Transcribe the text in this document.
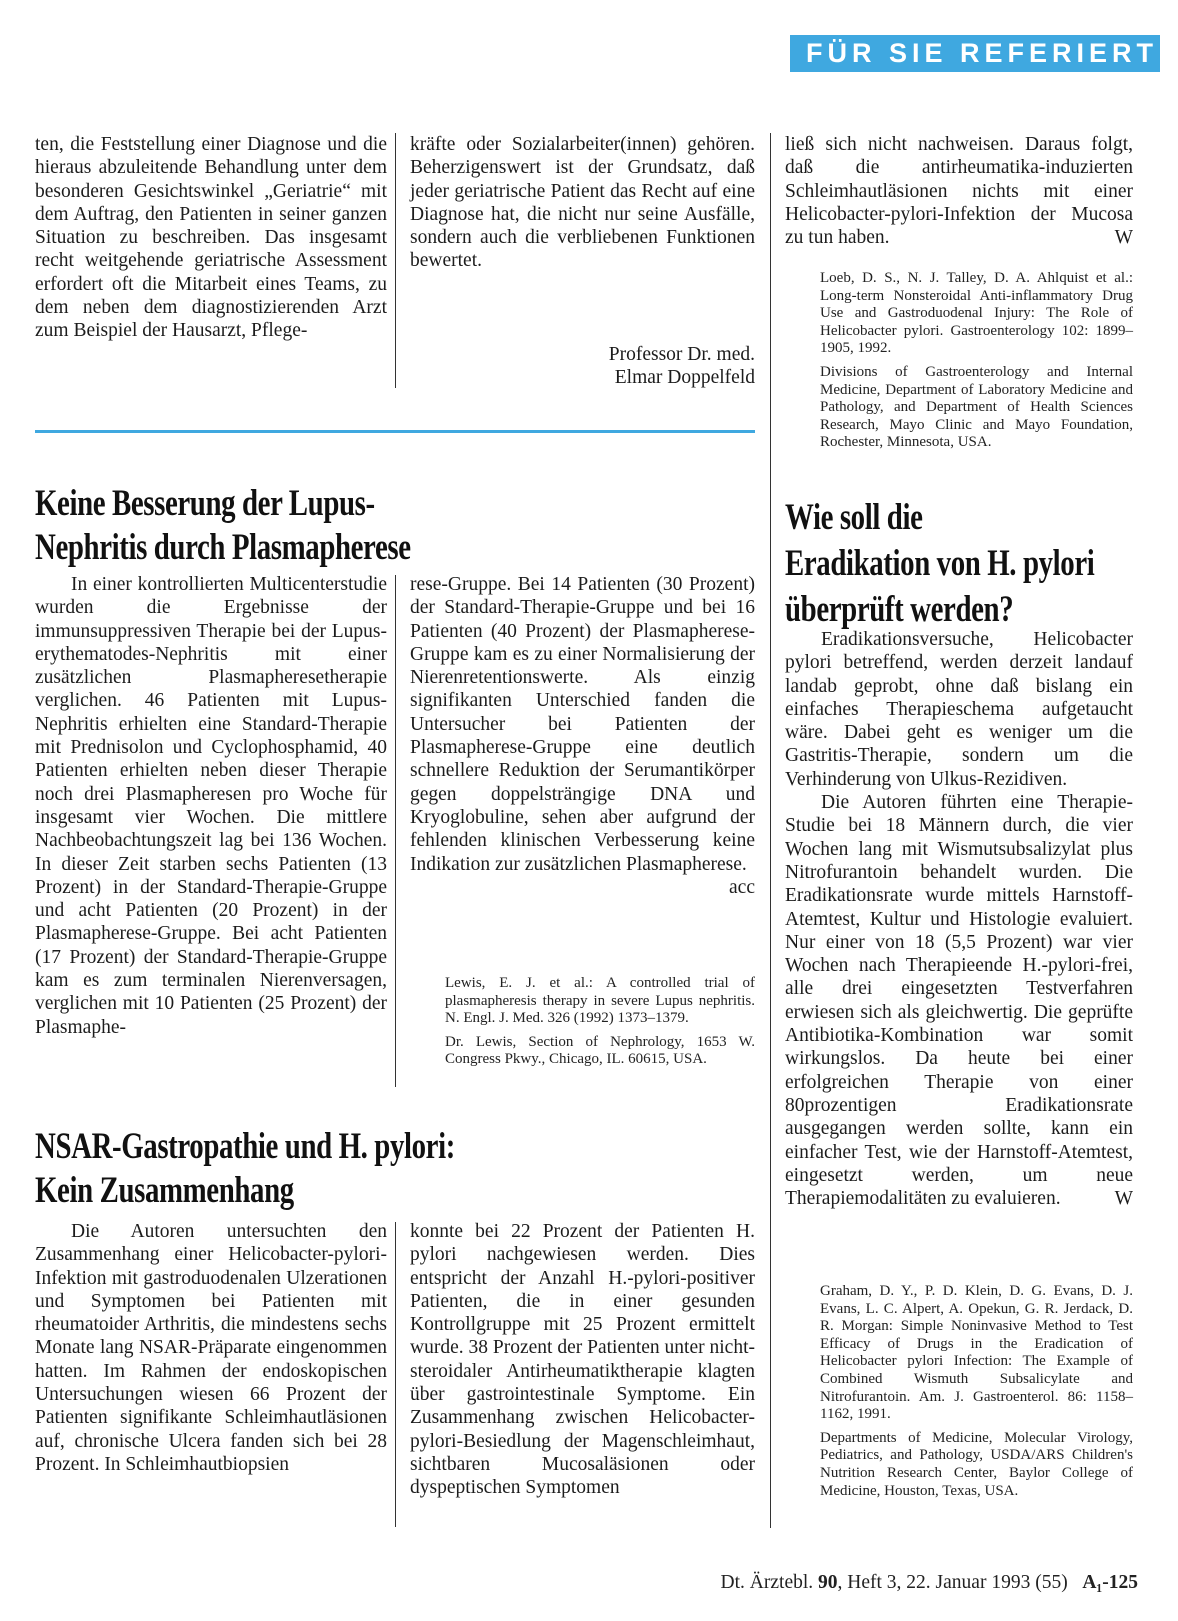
FÜR SIE REFERIERT

ten, die Feststellung einer Diagnose und die hieraus abzuleitende Behandlung unter dem besonderen Gesichtswinkel „Geriatrie“ mit dem Auftrag, den Patienten in seiner ganzen Situation zu beschreiben. Das insgesamt recht weitgehende geriatrische Assessment erfordert oft die Mitarbeit eines Teams, zu dem neben dem diagnostizierenden Arzt zum Beispiel der Hausarzt, Pflege-

kräfte oder Sozialarbeiter(innen) gehören. Beherzigenswert ist der Grundsatz, daß jeder geriatrische Patient das Recht auf eine Diagnose hat, die nicht nur seine Ausfälle, sondern auch die verbliebenen Funktionen bewertet.

Professor Dr. med.

Elmar Doppelfeld

Keine Besserung der Lupus-
Nephritis durch Plasmapherese

In einer kontrollierten Multicenterstudie wurden die Ergebnisse der immunsuppressiven Therapie bei der Lupus-erythematodes-Nephritis mit einer zusätzlichen Plasmapheresetherapie verglichen. 46 Patienten mit Lupus-Nephritis erhielten eine Standard-Therapie mit Prednisolon und Cyclophosphamid, 40 Patienten erhielten neben dieser Therapie noch drei Plasmapheresen pro Woche für insgesamt vier Wochen. Die mittlere Nachbeobachtungszeit lag bei 136 Wochen. In dieser Zeit starben sechs Patienten (13 Prozent) in der Standard-Therapie-Gruppe und acht Patienten (20 Prozent) in der Plasmapherese-Gruppe. Bei acht Patienten (17 Prozent) der Standard-Therapie-Gruppe kam es zum terminalen Nierenversagen, verglichen mit 10 Patienten (25 Prozent) der Plasmaphe-

rese-Gruppe. Bei 14 Patienten (30 Prozent) der Standard-Therapie-Gruppe und bei 16 Patienten (40 Prozent) der Plasmapherese-Gruppe kam es zu einer Normalisierung der Nierenretentionswerte. Als einzig signifikanten Unterschied fanden die Untersucher bei Patienten der Plasmapherese-Gruppe eine deutlich schnellere Reduktion der Serumantikörper gegen doppelsträngige DNA und Kryoglobuline, sehen aber aufgrund der fehlenden klinischen Verbesserung keine Indikation zur zusätzlichen Plasmapherese.
acc

Lewis, E. J. et al.: A controlled trial of plasmapheresis therapy in severe Lupus nephritis. N. Engl. J. Med. 326 (1992) 1373–1379.

Dr. Lewis, Section of Nephrology, 1653 W. Congress Pkwy., Chicago, IL. 60615, USA.

NSAR-Gastropathie und H. pylori:
Kein Zusammenhang

Die Autoren untersuchten den Zusammenhang einer Helicobacter-pylori-Infektion mit gastroduodenalen Ulzerationen und Symptomen bei Patienten mit rheumatoider Arthritis, die mindestens sechs Monate lang NSAR-Präparate eingenommen hatten. Im Rahmen der endoskopischen Untersuchungen wiesen 66 Prozent der Patienten signifikante Schleimhautläsionen auf, chronische Ulcera fanden sich bei 28 Prozent. In Schleimhautbiopsien

konnte bei 22 Prozent der Patienten H. pylori nachgewiesen werden. Dies entspricht der Anzahl H.-pylori-positiver Patienten, die in einer gesunden Kontrollgruppe mit 25 Prozent ermittelt wurde. 38 Prozent der Patienten unter nicht-steroidaler Antirheumatiktherapie klagten über gastrointestinale Symptome. Ein Zusammenhang zwischen Helicobacter-pylori-Besiedlung der Magenschleimhaut, sichtbaren Mucosaläsionen oder dyspeptischen Symptomen

ließ sich nicht nachweisen. Daraus folgt, daß die antirheumatika-induzierten Schleimhautläsionen nichts mit einer Helicobacter-pylori-Infektion der Mucosa zu tun haben.	W

Loeb, D. S., N. J. Talley, D. A. Ahlquist et al.: Long-term Nonsteroidal Anti-inflammatory Drug Use and Gastroduodenal Injury: The Role of Helicobacter pylori. Gastroenterology 102: 1899–1905, 1992.

Divisions of Gastroenterology and Internal Medicine, Department of Laboratory Medicine and Pathology, and Department of Health Sciences Research, Mayo Clinic and Mayo Foundation, Rochester, Minnesota, USA.

Wie soll die
Eradikation von H. pylori
überprüft werden?

Eradikationsversuche, Helicobacter pylori betreffend, werden derzeit landauf landab geprobt, ohne daß bislang ein einfaches Therapieschema aufgetaucht wäre. Dabei geht es weniger um die Gastritis-Therapie, sondern um die Verhinderung von Ulkus-Rezidiven.

Die Autoren führten eine Therapie-Studie bei 18 Männern durch, die vier Wochen lang mit Wismutsubsalizylat plus Nitrofurantoin behandelt wurden. Die Eradikationsrate wurde mittels Harnstoff-Atemtest, Kultur und Histologie evaluiert. Nur einer von 18 (5,5 Prozent) war vier Wochen nach Therapieende H.-pylori-frei, alle drei eingesetzten Testverfahren erwiesen sich als gleichwertig. Die geprüfte Antibiotika-Kombination war somit wirkungslos. Da heute bei einer erfolgreichen Therapie von einer 80prozentigen Eradikationsrate ausgegangen werden sollte, kann ein einfacher Test, wie der Harnstoff-Atemtest, eingesetzt werden, um neue Therapiemodalitäten zu evaluieren.	W

Graham, D. Y., P. D. Klein, D. G. Evans, D. J. Evans, L. C. Alpert, A. Opekun, G. R. Jerdack, D. R. Morgan: Simple Noninvasive Method to Test Efficacy of Drugs in the Eradication of Helicobacter pylori Infection: The Example of Combined Wismuth Subsalicylate and Nitrofurantoin. Am. J. Gastroenterol. 86: 1158–1162, 1991.

Departments of Medicine, Molecular Virology, Pediatrics, and Pathology, USDA/ARS Children's Nutrition Research Center, Baylor College of Medicine, Houston, Texas, USA.

Dt. Ärztebl. 90, Heft 3, 22. Januar 1993 (55) A₁-125
